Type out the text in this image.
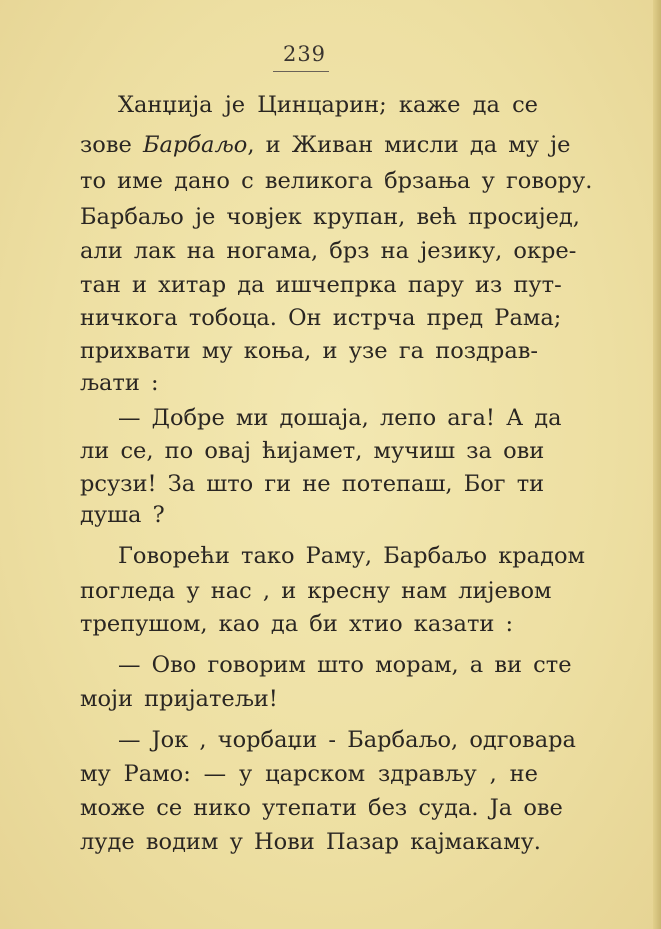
239
Ханџија је Цинцарин; каже да се
зове Барбаљо, и Живан мисли да му је
то име дано с великога брзања у говору.
Барбаљо је човјек крупан, већ просијед,
али лак на ногама, брз на језику, окре-
тан и хитар да ишчепрка пару из пут-
ничкога тобоца. Он истрча пред Рама;
прихвати му коња, и узе га поздрав-
љати :
— Добре ми дошаја, лепо ага! А да
ли се, по овај ћијамет, мучиш за ови
рсузи! За што ги не потепаш, Бог ти
душа ?
Говорећи тако Раму, Барбаљо крадом
погледа у нас , и кресну нам лијевом
трепушом, као да би хтио казати :
— Ово говорим што морам, а ви сте
моји пријатељи!
— Јок , чорбаџи - Барбаљо, одговара
му Рамо: — у царском здрављу , не
може се нико утепати без суда. Ја ове
луде водим у Нови Пазар кајмакаму.
